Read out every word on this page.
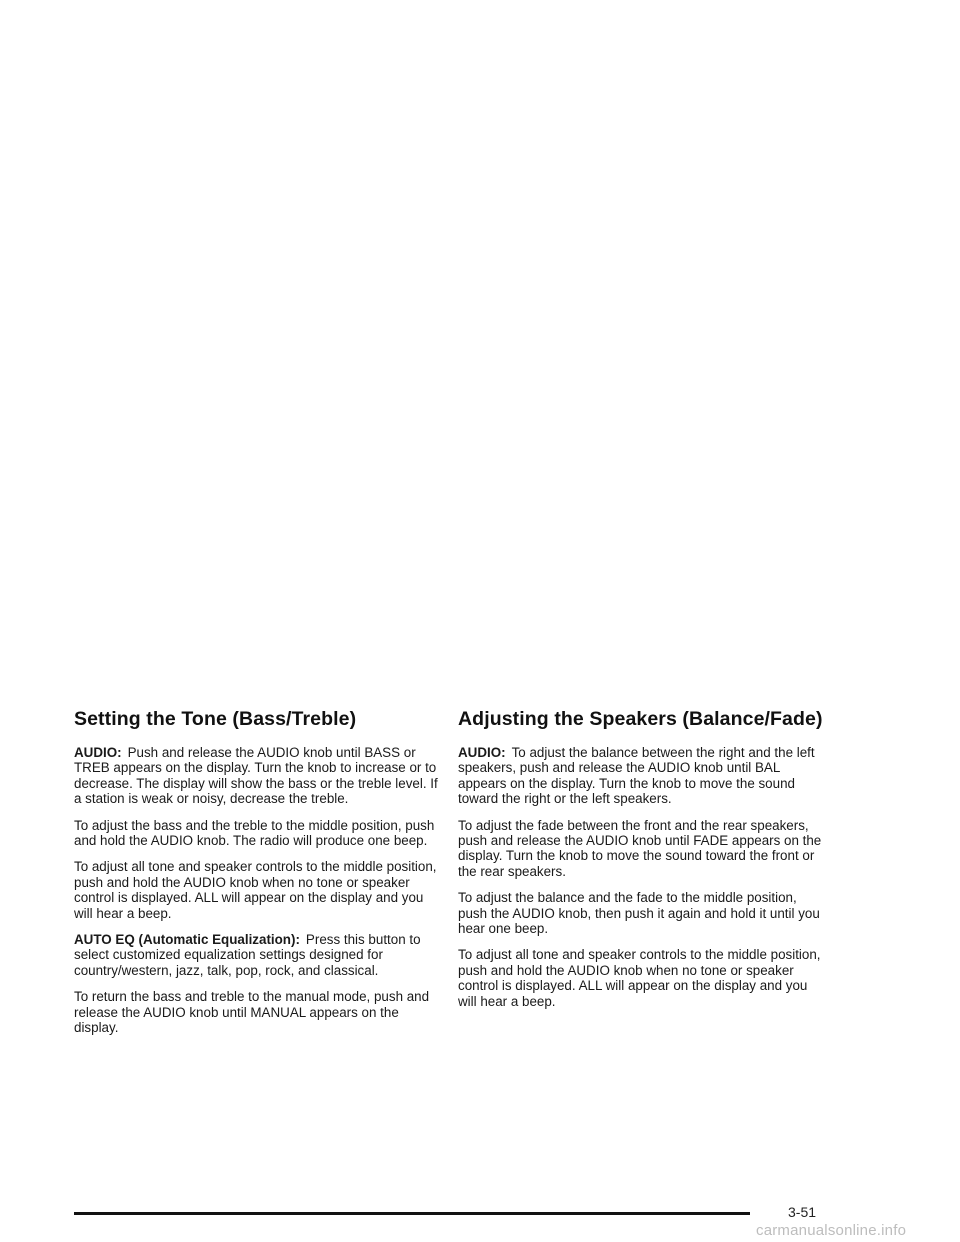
Setting the Tone (Bass/Treble)

AUDIO: Push and release the AUDIO knob until BASS or TREB appears on the display. Turn the knob to increase or to decrease. The display will show the bass or the treble level. If a station is weak or noisy, decrease the treble.

To adjust the bass and the treble to the middle position, push and hold the AUDIO knob. The radio will produce one beep.

To adjust all tone and speaker controls to the middle position, push and hold the AUDIO knob when no tone or speaker control is displayed. ALL will appear on the display and you will hear a beep.

AUTO EQ (Automatic Equalization): Press this button to select customized equalization settings designed for country/western, jazz, talk, pop, rock, and classical.

To return the bass and treble to the manual mode, push and release the AUDIO knob until MANUAL appears on the display.

Adjusting the Speakers (Balance/Fade)

AUDIO: To adjust the balance between the right and the left speakers, push and release the AUDIO knob until BAL appears on the display. Turn the knob to move the sound toward the right or the left speakers.

To adjust the fade between the front and the rear speakers, push and release the AUDIO knob until FADE appears on the display. Turn the knob to move the sound toward the front or the rear speakers.

To adjust the balance and the fade to the middle position, push the AUDIO knob, then push it again and hold it until you hear one beep.

To adjust all tone and speaker controls to the middle position, push and hold the AUDIO knob when no tone or speaker control is displayed. ALL will appear on the display and you will hear a beep.

3-51
carmanualsonline.info
